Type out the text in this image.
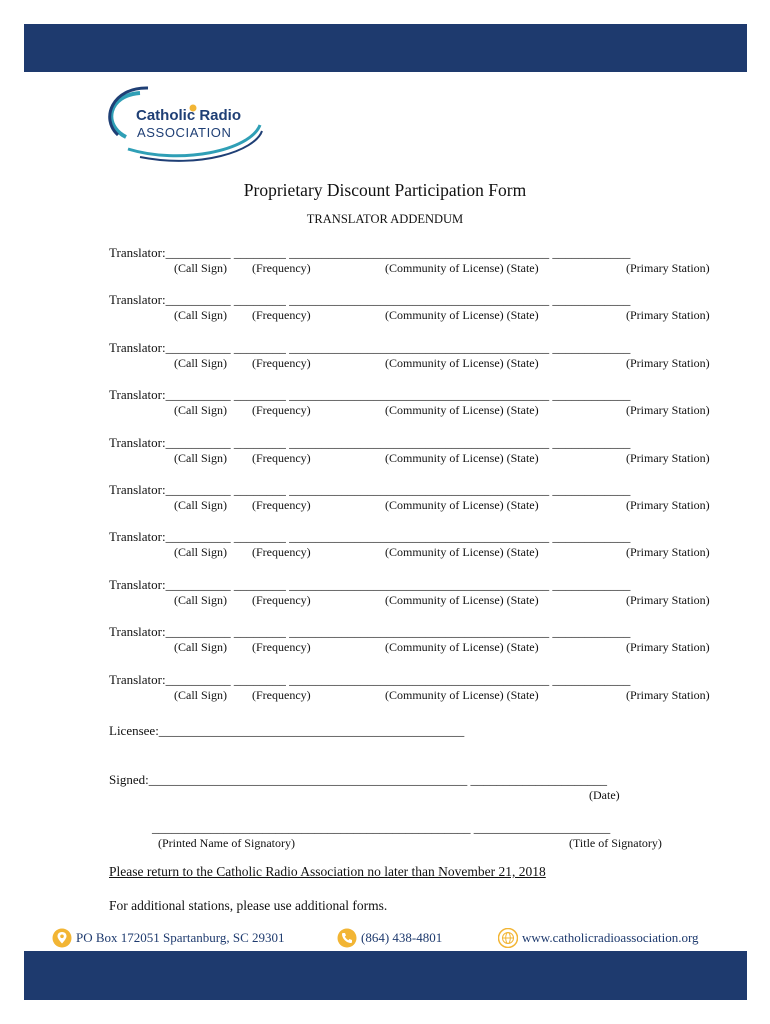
Catholic Radio
ASSOCIATION
Proprietary Discount Participation Form
TRANSLATOR ADDENDUM
Translator:__________ ________ ________________________________________ ____________
(Call Sign) (Frequency)	(Community of License) (State)	(Primary Station)
Translator:__________ ________ ________________________________________ ____________
(Call Sign) (Frequency)	(Community of License) (State)	(Primary Station)
Translator:__________ ________ ________________________________________ ____________
(Call Sign) (Frequency)	(Community of License) (State)	(Primary Station)
Translator:__________ ________ ________________________________________ ____________
(Call Sign) (Frequency)	(Community of License) (State)	(Primary Station)
Translator:__________ ________ ________________________________________ ____________
(Call Sign) (Frequency)	(Community of License) (State)	(Primary Station)
Translator:__________ ________ ________________________________________ ____________
(Call Sign) (Frequency)	(Community of License) (State)	(Primary Station)
Translator:__________ ________ ________________________________________ ____________
(Call Sign) (Frequency)	(Community of License) (State)	(Primary Station)
Translator:__________ ________ ________________________________________ ____________
(Call Sign) (Frequency)	(Community of License) (State)	(Primary Station)
Translator:__________ ________ ________________________________________ ____________
(Call Sign) (Frequency)	(Community of License) (State)	(Primary Station)
Translator:__________ ________ ________________________________________ ____________
(Call Sign) (Frequency)	(Community of License) (State)	(Primary Station)
Licensee:_______________________________________________
Signed:_________________________________________________ _____________________
(Date)
_________________________________________________ _____________________
(Printed Name of Signatory)	(Title of Signatory)
Please return to the Catholic Radio Association no later than November 21, 2018
For additional stations, please use additional forms.
PO Box 172051 Spartanburg, SC 29301	(864) 438-4801	www.catholicradioassociation.org
